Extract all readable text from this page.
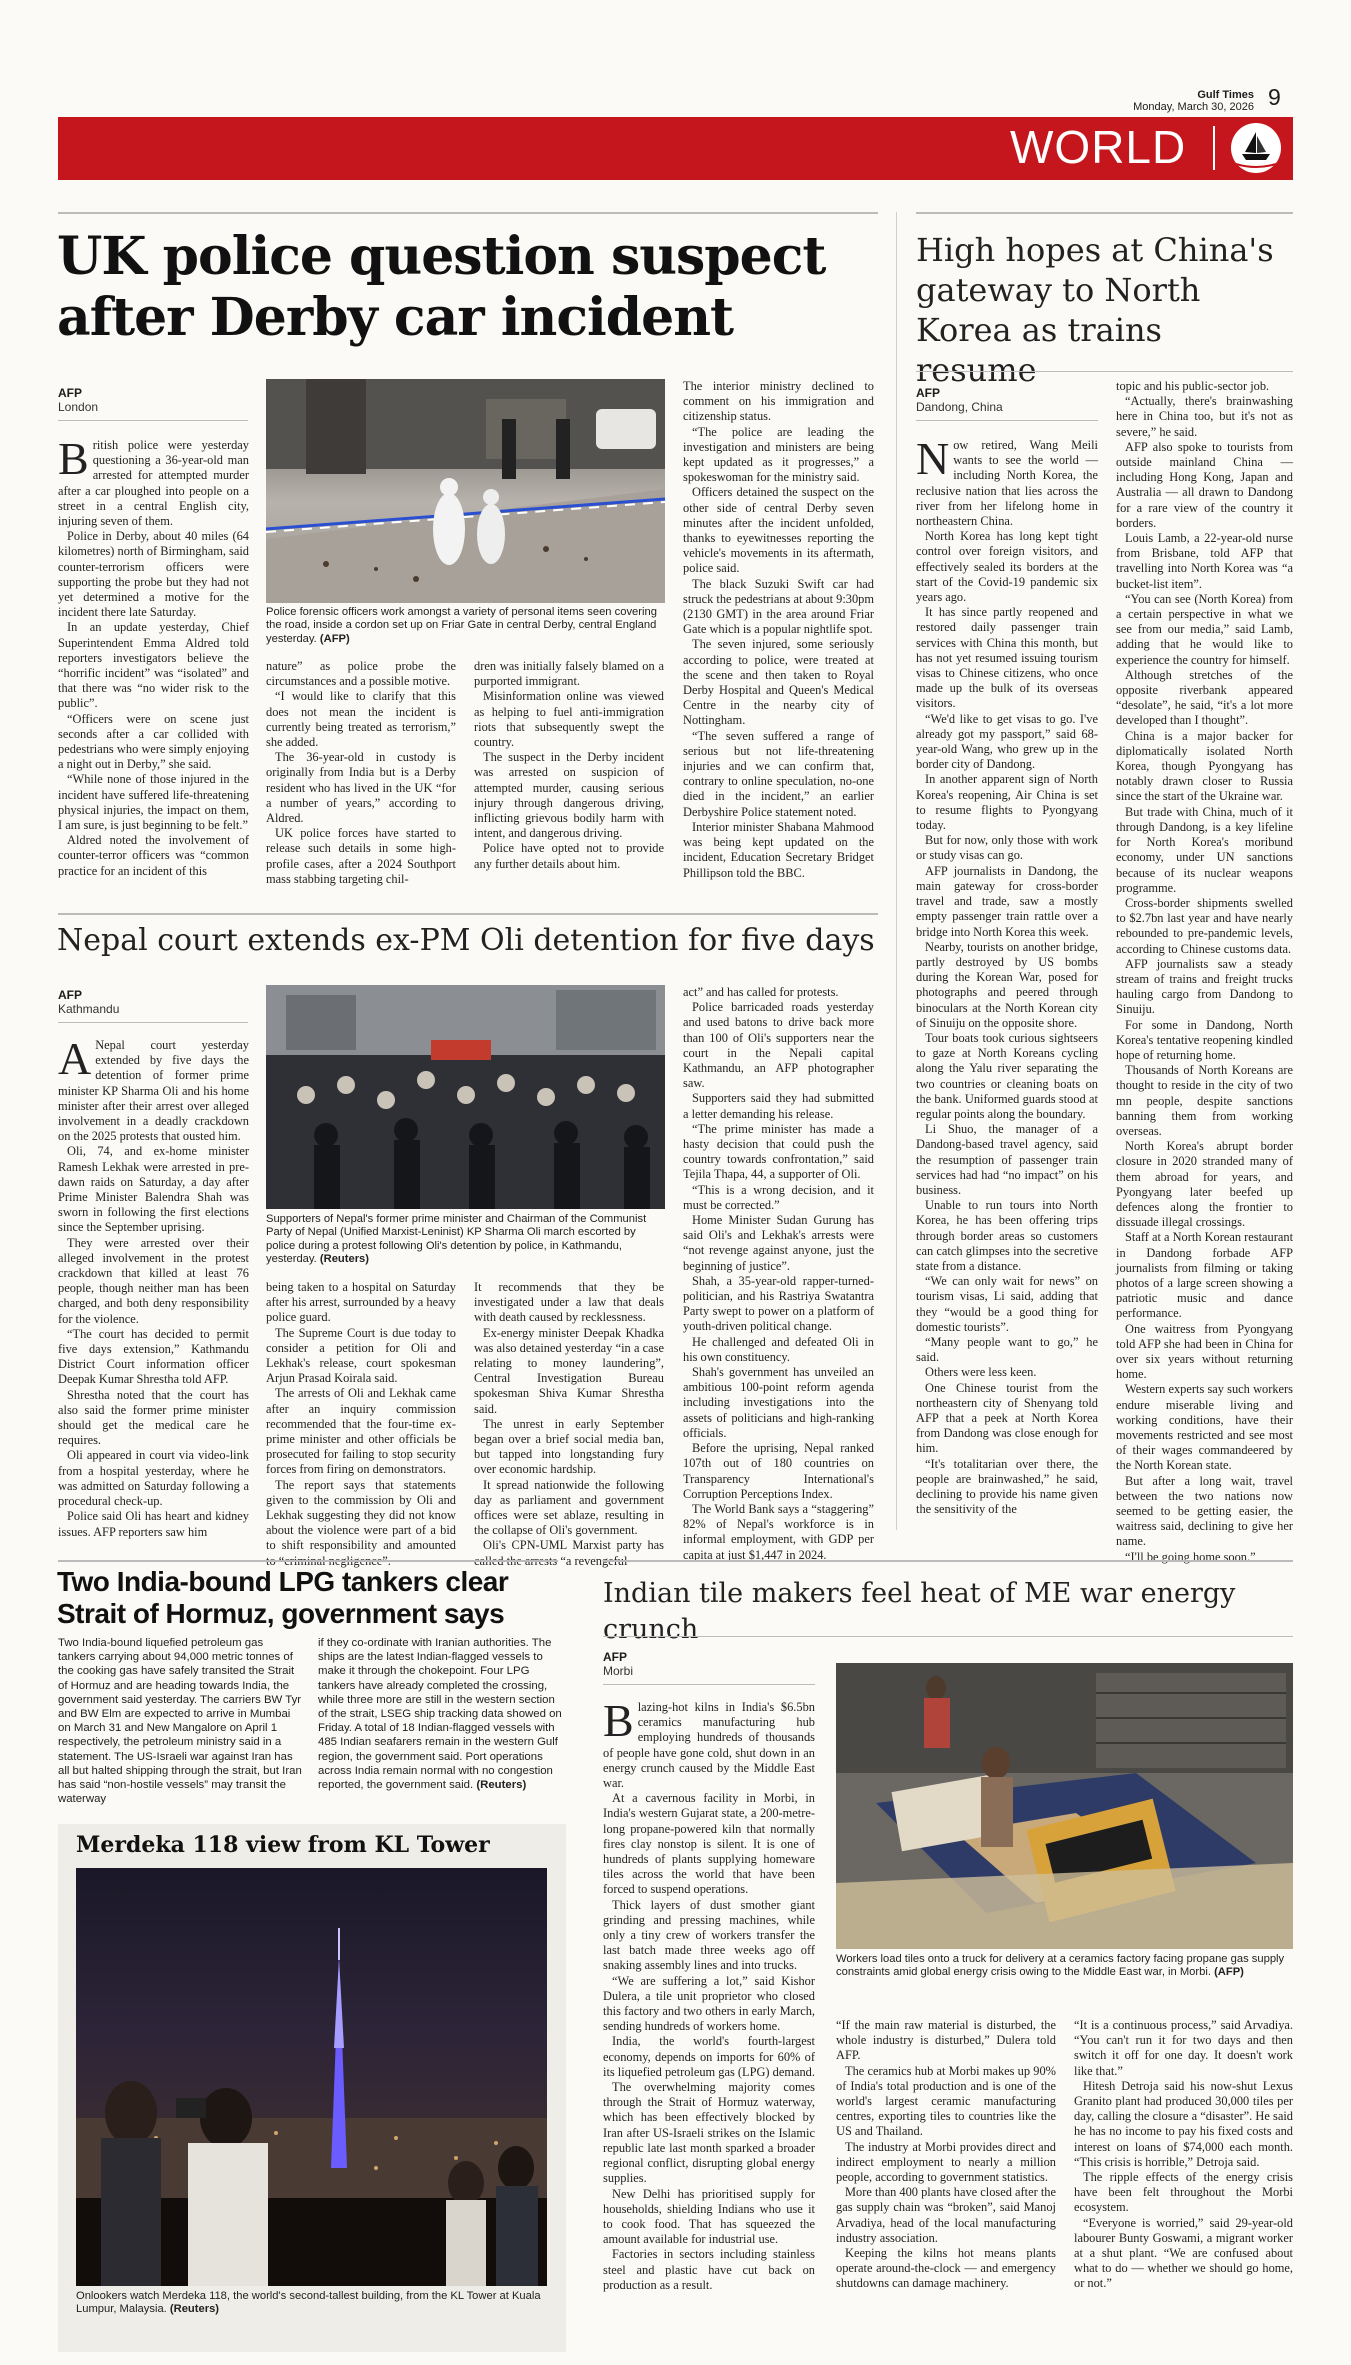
Gulf Times
Monday, March 30, 2026 9
WORLD
UK police question suspect after Derby car incident
AFP
London

British police were yesterday questioning a 36-year-old man arrested for attempted murder after a car ploughed into people on a street in a central English city, injuring seven of them.

Police in Derby, about 40 miles (64 kilometres) north of Birmingham, said counter-terrorism officers were supporting the probe but they had not yet determined a motive for the incident there late Saturday.

In an update yesterday, Chief Superintendent Emma Aldred told reporters investigators believe the “horrific incident” was “isolated” and that there was “no wider risk to the public”.

“Officers were on scene just seconds after a car collided with pedestrians who were simply enjoying a night out in Derby,” she said.

“While none of those injured in the incident have suffered life-threatening physical injuries, the impact on them, I am sure, is just beginning to be felt.”

Aldred noted the involvement of counter-terror officers was “common practice for an incident of this

Police forensic officers work amongst a variety of personal items seen covering the road, inside a cordon set up on Friar Gate in central Derby, central England yesterday. (AFP)

nature” as police probe the circumstances and a possible motive.

“I would like to clarify that this does not mean the incident is currently being treated as terrorism,” she added.

The 36-year-old in custody is originally from India but is a Derby resident who has lived in the UK “for a number of years,” according to Aldred.

UK police forces have started to release such details in some high-profile cases, after a 2024 Southport mass stabbing targeting chil-

dren was initially falsely blamed on a purported immigrant.

Misinformation online was viewed as helping to fuel anti-immigration riots that subsequently swept the country.

The suspect in the Derby incident was arrested on suspicion of attempted murder, causing serious injury through dangerous driving, inflicting grievous bodily harm with intent, and dangerous driving.

Police have opted not to provide any further details about him.

The interior ministry declined to comment on his immigration and citizenship status.

“The police are leading the investigation and ministers are being kept updated as it progresses,” a spokeswoman for the ministry said.

Officers detained the suspect on the other side of central Derby seven minutes after the incident unfolded, thanks to eyewitnesses reporting the vehicle's movements in its aftermath, police said.

The black Suzuki Swift car had struck the pedestrians at about 9:30pm (2130 GMT) in the area around Friar Gate which is a popular nightlife spot.

The seven injured, some seriously according to police, were treated at the scene and then taken to Royal Derby Hospital and Queen's Medical Centre in the nearby city of Nottingham.

“The seven suffered a range of serious but not life-threatening injuries and we can confirm that, contrary to online speculation, no-one died in the incident,” an earlier Derbyshire Police statement noted.

Interior minister Shabana Mahmood was being kept updated on the incident, Education Secretary Bridget Phillipson told the BBC.

High hopes at China's gateway to North Korea as trains resume
AFP
Dandong, China

Now retired, Wang Meili wants to see the world — including North Korea, the reclusive nation that lies across the river from her lifelong home in northeastern China.

North Korea has long kept tight control over foreign visitors, and effectively sealed its borders at the start of the Covid-19 pandemic six years ago.

It has since partly reopened and restored daily passenger train services with China this month, but has not yet resumed issuing tourism visas to Chinese citizens, who once made up the bulk of its overseas visitors.

“We'd like to get visas to go. I've already got my passport,” said 68-year-old Wang, who grew up in the border city of Dandong.

In another apparent sign of North Korea's reopening, Air China is set to resume flights to Pyongyang today.

But for now, only those with work or study visas can go.

AFP journalists in Dandong, the main gateway for cross-border travel and trade, saw a mostly empty passenger train rattle over a bridge into North Korea this week.

Nearby, tourists on another bridge, partly destroyed by US bombs during the Korean War, posed for photographs and peered through binoculars at the North Korean city of Sinuiju on the opposite shore.

Tour boats took curious sightseers to gaze at North Koreans cycling along the Yalu river separating the two countries or cleaning boats on the bank. Uniformed guards stood at regular points along the boundary.

Li Shuo, the manager of a Dandong-based travel agency, said the resumption of passenger train services had had “no impact” on his business.

Unable to run tours into North Korea, he has been offering trips through border areas so customers can catch glimpses into the secretive state from a distance.

“We can only wait for news” on tourism visas, Li said, adding that they “would be a good thing for domestic tourists”.

“Many people want to go,” he said.

Others were less keen.

One Chinese tourist from the northeastern city of Shenyang told AFP that a peek at North Korea from Dandong was close enough for him.

“It's totalitarian over there, the people are brainwashed,” he said, declining to provide his name given the sensitivity of the

topic and his public-sector job.

“Actually, there's brainwashing here in China too, but it's not as severe,” he said.

AFP also spoke to tourists from outside mainland China — including Hong Kong, Japan and Australia — all drawn to Dandong for a rare view of the country it borders.

Louis Lamb, a 22-year-old nurse from Brisbane, told AFP that travelling into North Korea was “a bucket-list item”.

“You can see (North Korea) from a certain perspective in what we see from our media,” said Lamb, adding that he would like to experience the country for himself.

Although stretches of the opposite riverbank appeared “desolate”, he said, “it's a lot more developed than I thought”.

China is a major backer for diplomatically isolated North Korea, though Pyongyang has notably drawn closer to Russia since the start of the Ukraine war.

But trade with China, much of it through Dandong, is a key lifeline for North Korea's moribund economy, under UN sanctions because of its nuclear weapons programme.

Cross-border shipments swelled to $2.7bn last year and have nearly rebounded to pre-pandemic levels, according to Chinese customs data.

AFP journalists saw a steady stream of trains and freight trucks hauling cargo from Dandong to Sinuiju.

For some in Dandong, North Korea's tentative reopening kindled hope of returning home.

Thousands of North Koreans are thought to reside in the city of two mn people, despite sanctions banning them from working overseas.

North Korea's abrupt border closure in 2020 stranded many of them abroad for years, and Pyongyang later beefed up defences along the frontier to dissuade illegal crossings.

Staff at a North Korean restaurant in Dandong forbade AFP journalists from filming or taking photos of a large screen showing a patriotic music and dance performance.

One waitress from Pyongyang told AFP she had been in China for over six years without returning home.

Western experts say such workers endure miserable living and working conditions, have their movements restricted and see most of their wages commandeered by the North Korean state.

But after a long wait, travel between the two nations now seemed to be getting easier, the waitress said, declining to give her name.

“I'll be going home soon.”

Nepal court extends ex-PM Oli detention for five days
AFP
Kathmandu

A Nepal court yesterday extended by five days the detention of former prime minister KP Sharma Oli and his home minister after their arrest over alleged involvement in a deadly crackdown on the 2025 protests that ousted him.

Oli, 74, and ex-home minister Ramesh Lekhak were arrested in pre-dawn raids on Saturday, a day after Prime Minister Balendra Shah was sworn in following the first elections since the September uprising.

They were arrested over their alleged involvement in the protest crackdown that killed at least 76 people, though neither man has been charged, and both deny responsibility for the violence.

“The court has decided to permit five days extension,” Kathmandu District Court information officer Deepak Kumar Shrestha told AFP.

Shrestha noted that the court has also said the former prime minister should get the medical care he requires.

Oli appeared in court via video-link from a hospital yesterday, where he was admitted on Saturday following a procedural check-up.

Police said Oli has heart and kidney issues. AFP reporters saw him

Supporters of Nepal's former prime minister and Chairman of the Communist Party of Nepal (Unified Marxist-Leninist) KP Sharma Oli march escorted by police during a protest following Oli's detention by police, in Kathmandu, yesterday. (Reuters)

being taken to a hospital on Saturday after his arrest, surrounded by a heavy police guard.

The Supreme Court is due today to consider a petition for Oli and Lekhak's release, court spokesman Arjun Prasad Koirala said.

The arrests of Oli and Lekhak came after an inquiry commission recommended that the four-time ex-prime minister and other officials be prosecuted for failing to stop security forces from firing on demonstrators.

The report says that statements given to the commission by Oli and Lekhak suggesting they did not know about the violence were part of a bid to shift responsibility and amounted to “criminal negligence”.

It recommends that they be investigated under a law that deals with death caused by recklessness.

Ex-energy minister Deepak Khadka was also detained yesterday “in a case relating to money laundering”, Central Investigation Bureau spokesman Shiva Kumar Shrestha said.

The unrest in early September began over a brief social media ban, but tapped into longstanding fury over economic hardship.

It spread nationwide the following day as parliament and government offices were set ablaze, resulting in the collapse of Oli's government.

Oli's CPN-UML Marxist party has called the arrests “a revengeful

act” and has called for protests.

Police barricaded roads yesterday and used batons to drive back more than 100 of Oli's supporters near the court in the Nepali capital Kathmandu, an AFP photographer saw.

Supporters said they had submitted a letter demanding his release.

“The prime minister has made a hasty decision that could push the country towards confrontation,” said Tejila Thapa, 44, a supporter of Oli.

“This is a wrong decision, and it must be corrected.”

Home Minister Sudan Gurung has said Oli's and Lekhak's arrests were “not revenge against anyone, just the beginning of justice”.

Shah, a 35-year-old rapper-turned-politician, and his Rastriya Swatantra Party swept to power on a platform of youth-driven political change.

He challenged and defeated Oli in his own constituency.

Shah's government has unveiled an ambitious 100-point reform agenda including investigations into the assets of politicians and high-ranking officials.

Before the uprising, Nepal ranked 107th out of 180 countries on Transparency International's Corruption Perceptions Index.

The World Bank says a “staggering” 82% of Nepal's workforce is in informal employment, with GDP per capita at just $1,447 in 2024.

Two India-bound LPG tankers clear Strait of Hormuz, government says

Two India-bound liquefied petroleum gas tankers carrying about 94,000 metric tonnes of the cooking gas have safely transited the Strait of Hormuz and are heading towards India, the government said yesterday. The carriers BW Tyr and BW Elm are expected to arrive in Mumbai on March 31 and New Mangalore on April 1 respectively, the petroleum ministry said in a statement. The US-Israeli war against Iran has all but halted shipping through the strait, but Iran has said “non-hostile vessels” may transit the waterway

if they co-ordinate with Iranian authorities. The ships are the latest Indian-flagged vessels to make it through the chokepoint. Four LPG tankers have already completed the crossing, while three more are still in the western section of the strait, LSEG ship tracking data showed on Friday. A total of 18 Indian-flagged vessels with 485 Indian seafarers remain in the western Gulf region, the government said. Port operations across India remain normal with no congestion reported, the government said. (Reuters)

Merdeka 118 view from KL Tower
Onlookers watch Merdeka 118, the world's second-tallest building, from the KL Tower at Kuala Lumpur, Malaysia. (Reuters)
Indian tile makers feel heat of ME war energy crunch
AFP
Morbi

Blazing-hot kilns in India's $6.5bn ceramics manufacturing hub employing hundreds of thousands of people have gone cold, shut down in an energy crunch caused by the Middle East war.

At a cavernous facility in Morbi, in India's western Gujarat state, a 200-metre-long propane-powered kiln that normally fires clay nonstop is silent. It is one of hundreds of plants supplying homeware tiles across the world that have been forced to suspend operations.

Thick layers of dust smother giant grinding and pressing machines, while only a tiny crew of workers transfer the last batch made three weeks ago off snaking assembly lines and into trucks.

“We are suffering a lot,” said Kishor Dulera, a tile unit proprietor who closed this factory and two others in early March, sending hundreds of workers home.

India, the world's fourth-largest economy, depends on imports for 60% of its liquefied petroleum gas (LPG) demand.

The overwhelming majority comes through the Strait of Hormuz waterway, which has been effectively blocked by Iran after US-Israeli strikes on the Islamic republic late last month sparked a broader regional conflict, disrupting global energy supplies.

New Delhi has prioritised supply for households, shielding Indians who use it to cook food. That has squeezed the amount available for industrial use.

Factories in sectors including stainless steel and plastic have cut back on production as a result.

Workers load tiles onto a truck for delivery at a ceramics factory facing propane gas supply constraints amid global energy crisis owing to the Middle East war, in Morbi. (AFP)

“If the main raw material is disturbed, the whole industry is disturbed,” Dulera told AFP.

The ceramics hub at Morbi makes up 90% of India's total production and is one of the world's largest ceramic manufacturing centres, exporting tiles to countries like the US and Thailand.

The industry at Morbi provides direct and indirect employment to nearly a million people, according to government statistics.

More than 400 plants have closed after the gas supply chain was “broken”, said Manoj Arvadiya, head of the local manufacturing industry association.

Keeping the kilns hot means plants operate around-the-clock — and emergency shutdowns can damage machinery.

“It is a continuous process,” said Arvadiya. “You can't run it for two days and then switch it off for one day. It doesn't work like that.”

Hitesh Detroja said his now-shut Lexus Granito plant had produced 30,000 tiles per day, calling the closure a “disaster”. He said he has no income to pay his fixed costs and interest on loans of $74,000 each month. “This crisis is horrible,” Detroja said.

The ripple effects of the energy crisis have been felt throughout the Morbi ecosystem.

“Everyone is worried,” said 29-year-old labourer Bunty Goswami, a migrant worker at a shut plant. “We are confused about what to do — whether we should go home, or not.”
